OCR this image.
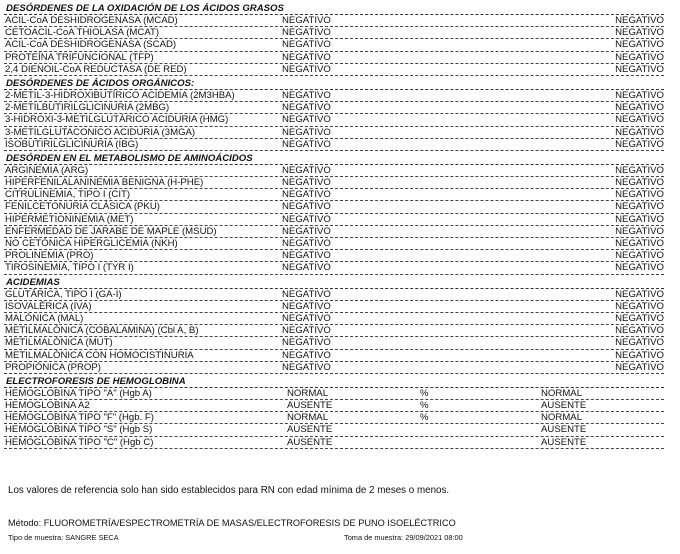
DESÓRDENES DE LA OXIDACIÓN DE LOS ÁCIDOS GRASOS
ACIL-CoA DESHIDROGENASA (MCAD)	NEGATIVO	NEGATIVO
CETOACIL-CoA THIOLASA (MCAT)	NEGATIVO	NEGATIVO
ACIL-CoA DESHIDROGENASA (SCAD)	NEGATIVO	NEGATIVO
PROTEÍNA TRIFUNCIONAL (TFP)	NEGATIVO	NEGATIVO
2,4 DIENOIL-CoA REDUCTASA (DE RED)	NEGATIVO	NEGATIVO
DESÓRDENES DE ÁCIDOS ORGÁNICOS:
2-METIL-3-HIDROXIBUTÍRICO ACIDEMIA (2M3HBA)	NEGATIVO	NEGATIVO
2-METILBUTIRILGLICINURIA (2MBG)	NEGATIVO	NEGATIVO
3-HIDROXI-3-METILGLUTÁRICO ACIDURIA (HMG)	NEGATIVO	NEGATIVO
3-METILGLUTACONICO ACIDURIA (3MGA)	NEGATIVO	NEGATIVO
ISOBUTIRILGLICINURIA (IBG)	NEGATIVO	NEGATIVO
DESÓRDEN EN EL METABOLISMO DE AMINOÁCIDOS
ARGINEMIA (ARG)	NEGATIVO	NEGATIVO
HIPERFENILALANINEMIA BENIGNA (H-PHE)	NEGATIVO	NEGATIVO
CITRULINEMIA, TIPO I (CIT)	NEGATIVO	NEGATIVO
FENILCETONURIA CLÁSICA (PKU)	NEGATIVO	NEGATIVO
HIPERMETIONINEMIA (MET)	NEGATIVO	NEGATIVO
ENFERMEDAD DE JARABE DE MAPLE (MSUD)	NEGATIVO	NEGATIVO
NO CETÓNICA HIPERGLICEMIA (NKH)	NEGATIVO	NEGATIVO
PROLINEMIA (PRO)	NEGATIVO	NEGATIVO
TIROSINEMIA, TIPO I (TYR I)	NEGATIVO	NEGATIVO
ACIDEMIAS
GLUTÁRICA, TIPO I (GA-I)	NEGATIVO	NEGATIVO
ISOVALÉRICA (IVA)	NEGATIVO	NEGATIVO
MALÓNICA (MAL)	NEGATIVO	NEGATIVO
METILMALÓNICA (COBALAMINA) (Cbl A, B)	NEGATIVO	NEGATIVO
METILMALÓNICA (MUT)	NEGATIVO	NEGATIVO
METILMALÓNICA CON HOMOCISTINURIA	NEGATIVO	NEGATIVO
PROPIÓNICA (PROP)	NEGATIVO	NEGATIVO
ELECTROFORESIS DE HEMOGLOBINA
HEMOGLOBINA TIPO "A" (Hgb A)	NORMAL	%	NORMAL
HEMOGLOBINA A2	AUSENTE	%	AUSENTE
HEMOGLOBINA TIPO "F" (Hgb. F)	NORMAL	%	NORMAL
HEMOGLOBINA TIPO "S" (Hgb S)	AUSENTE	AUSENTE
HEMOGLOBINA TIPO "C" (Hgb C)	AUSENTE	AUSENTE
Los valores de referencia solo han sido establecidos para RN con edad mínima de 2 meses o menos.
Método: FLUOROMETRÍA/ESPECTROMETRÍA DE MASAS/ELECTROFORESIS DE PUNO ISOELÉCTRICO
Tipo de muestra: SANGRE SECA	Toma de muestra: 29/09/2021 08:00
